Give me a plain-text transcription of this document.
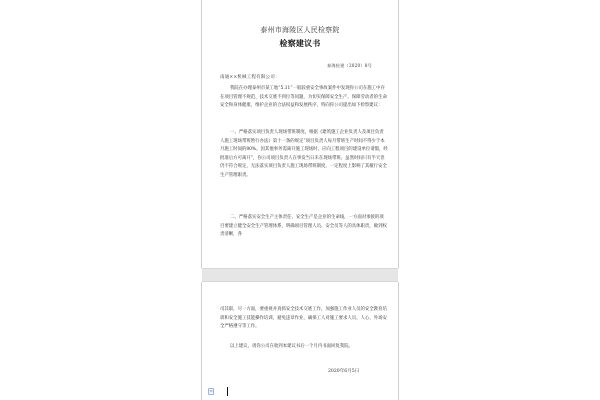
泰州市海陵区人民检察院
检察建议书
泰海检建（2020）8号
南通××机械工程有限公司：
我院在办理泰州市某工地“5.11”一般较重安全事故案件中发现你公司在施工中存在项目管理不规范、技术交底不到位等问题，为切实保障安全生产，保障劳动者的生命安全和身体健康，维护企业的合法权益和发展秩序，特向你公司提出如下检察建议：
一、严格落实项目负责人现场带班制度。根据《建筑施工企业负责人及项目负责人施工现场带班暂行办法》第十一条的规定“项目负责人每月带班生产时间不得少于本月施工时间的80%。因其他事务需离开施工现场时，应向工程项目的建设单位请假，经批准后方可离开”，你公司项目负责人在事发当日未在现场带班。虽然时间只有半天但仍不符合规定，无法落实项目负责人施工现场带班制度，一定程度上影响了其履行安全生产管理职责。
二、严格落实安全生产主体责任，安全生产是企业的生命线，一方面对承接的项目要建立健全安全生产管理体系，明确项目管理人员、安全员等人的具体职责，做到权责清晰，各
司其职，尽一方面，要重视并真抓安全技术交底工作，加强施工作业人员的安全教育培训和安全施工技能操作培训，避免违章作业，确保工人对施工要求人员、人心、外场安全严格遵守等工作。
以上建议，请你公司在收到本建议书后一个月内书面回复我院。
2020年6月5日
